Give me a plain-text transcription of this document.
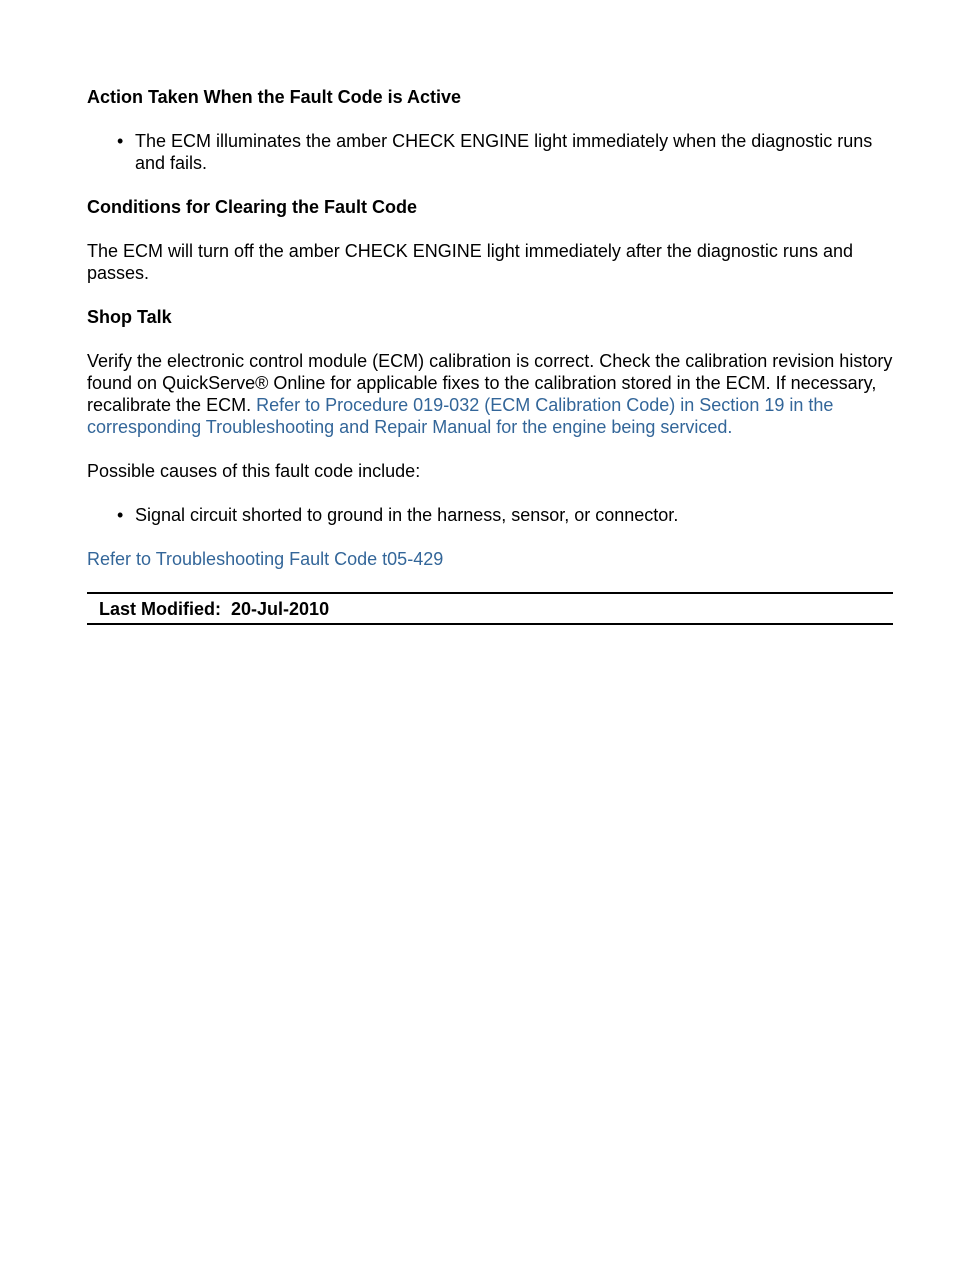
Action Taken When the Fault Code is Active

• The ECM illuminates the amber CHECK ENGINE light immediately when the diagnostic runs and fails.

Conditions for Clearing the Fault Code

The ECM will turn off the amber CHECK ENGINE light immediately after the diagnostic runs and passes.

Shop Talk

Verify the electronic control module (ECM) calibration is correct. Check the calibration revision history found on QuickServe® Online for applicable fixes to the calibration stored in the ECM. If necessary, recalibrate the ECM. Refer to Procedure 019-032 (ECM Calibration Code) in Section 19 in the corresponding Troubleshooting and Repair Manual for the engine being serviced.

Possible causes of this fault code include:

• Signal circuit shorted to ground in the harness, sensor, or connector.

Refer to Troubleshooting Fault Code t05-429

Last Modified:
20-Jul-2010
